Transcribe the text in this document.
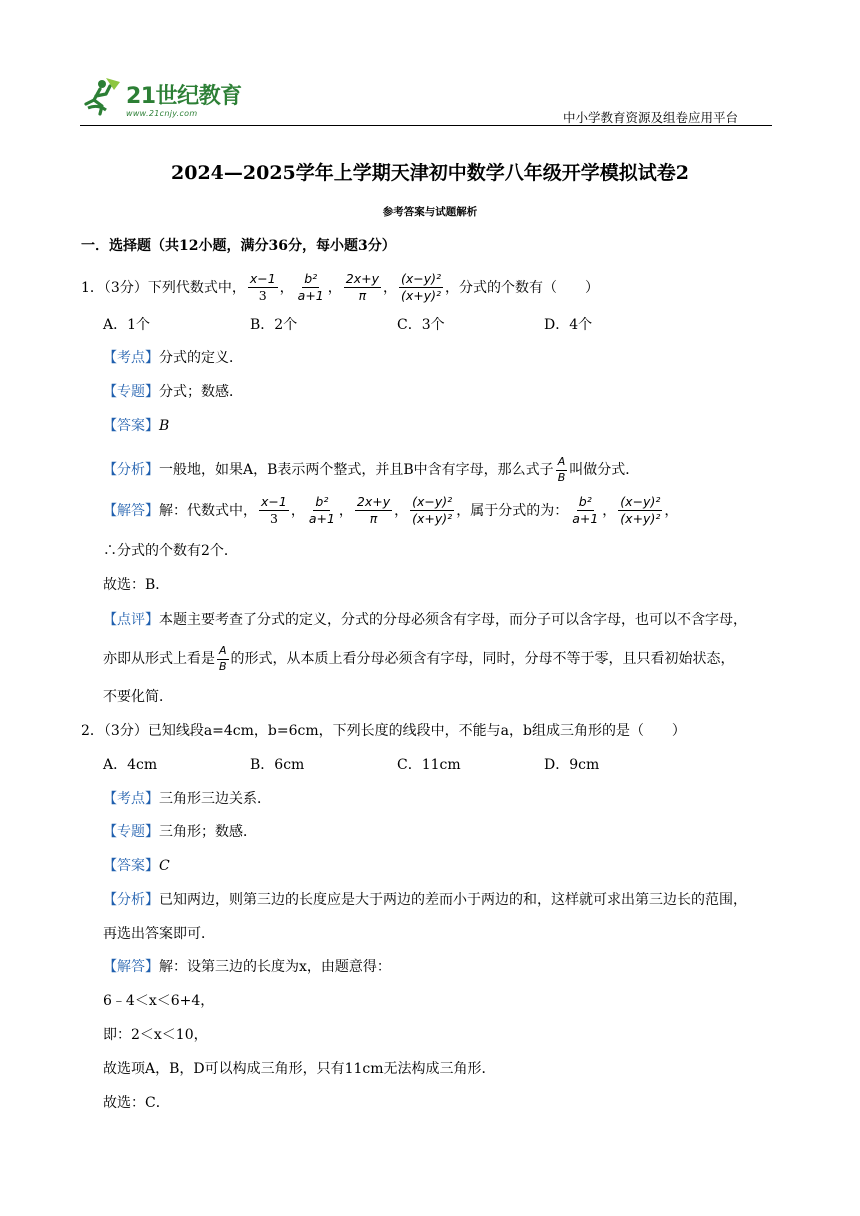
21世纪教育
www.21cnjy.com	中小学教育资源及组卷应用平台
2024—2025学年上学期天津初中数学八年级开学模拟试卷2
参考答案与试题解析
一．选择题（共12小题，满分36分，每小题3分）
1．（3分）下列代数式中， $\frac{x-1}{3}$ ， $\frac{\text{b²}}{a+1}$ ， $\frac{2x+y}{\pi}$ ， $\frac{\text{(x−y)²}}{\text{(x+y)²}}$ ，分式的个数有（　　）
A．1个	B．2个	C．3个	D．4个
【考点】分式的定义．
【专题】分式；数感．
【答案】B
【分析】一般地，如果A，B表示两个整式，并且B中含有字母，那么式子 $\frac{A}{B}$ 叫做分式．
【解答】解：代数式中， $\frac{x-1}{3}$ ， $\frac{\text{b²}}{a+1}$ ， $\frac{2x+y}{\pi}$ ， $\frac{\text{(x−y)²}}{\text{(x+y)²}}$ ，属于分式的为： $\frac{\text{b²}}{a+1}$ ， $\frac{\text{(x−y)²}}{\text{(x+y)²}}$ ，
∴分式的个数有2个．
故选：B．
【点评】本题主要考查了分式的定义，分式的分母必须含有字母，而分子可以含字母，也可以不含字母，
亦即从形式上看是 $\frac{A}{B}$ 的形式，从本质上看分母必须含有字母，同时，分母不等于零，且只看初始状态，
不要化简．
2．（3分）已知线段a=4cm，b=6cm，下列长度的线段中，不能与a，b组成三角形的是（　　）
A．4cm	B．6cm	C．11cm	D．9cm
【考点】三角形三边关系．
【专题】三角形；数感．
【答案】C
【分析】已知两边，则第三边的长度应是大于两边的差而小于两边的和，这样就可求出第三边长的范围，
再选出答案即可．
【解答】解：设第三边的长度为x，由题意得：
6﹣4＜x＜6+4，
即：2＜x＜10，
故选项A，B，D可以构成三角形，只有11cm无法构成三角形．
故选：C．
